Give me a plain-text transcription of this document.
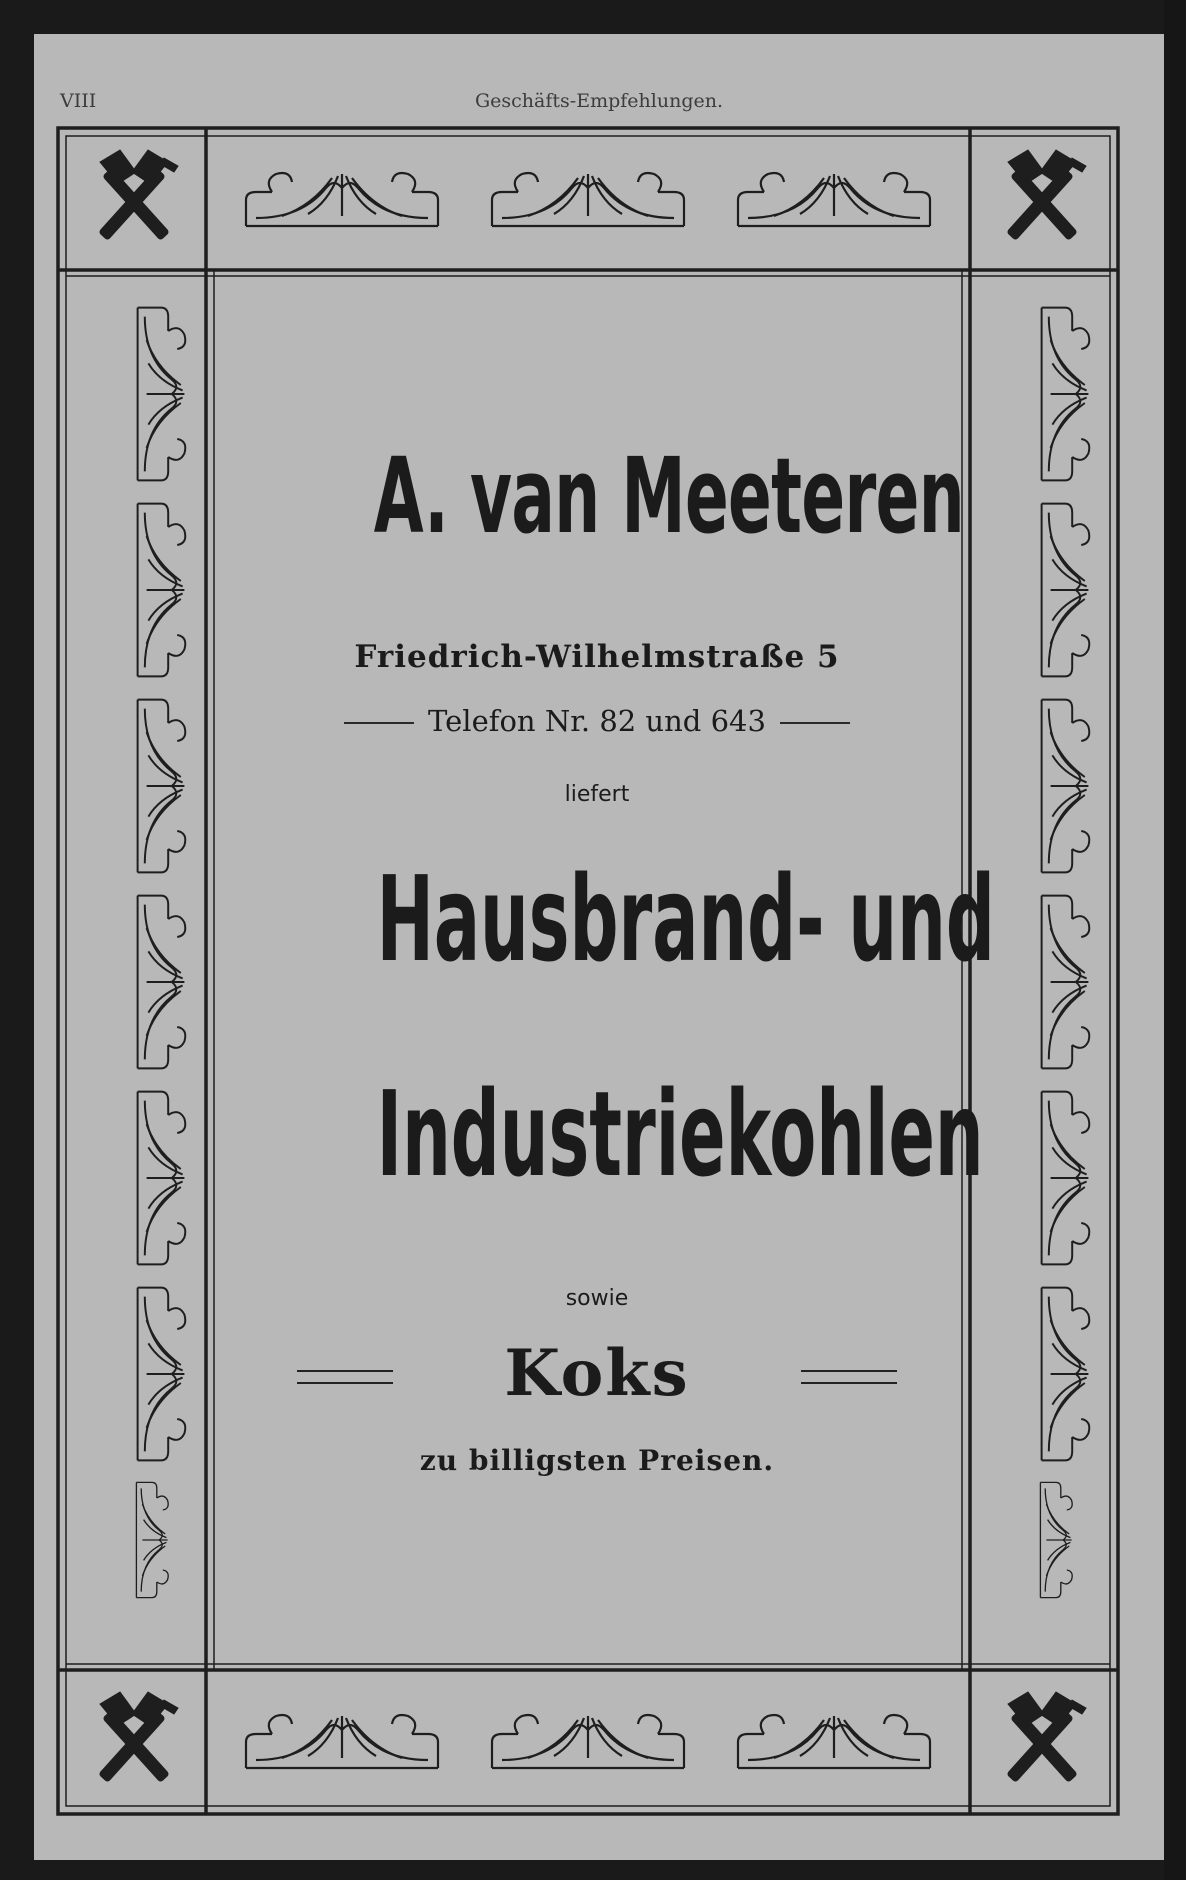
VIII	Geschäfts-Empfehlungen.
A. van Meeteren
Friedrich-Wilhelmstraße 5
Telefon Nr. 82 und 643
liefert
Hausbrand- und
Industriekohlen
sowie
Koks
zu billigsten Preisen.
